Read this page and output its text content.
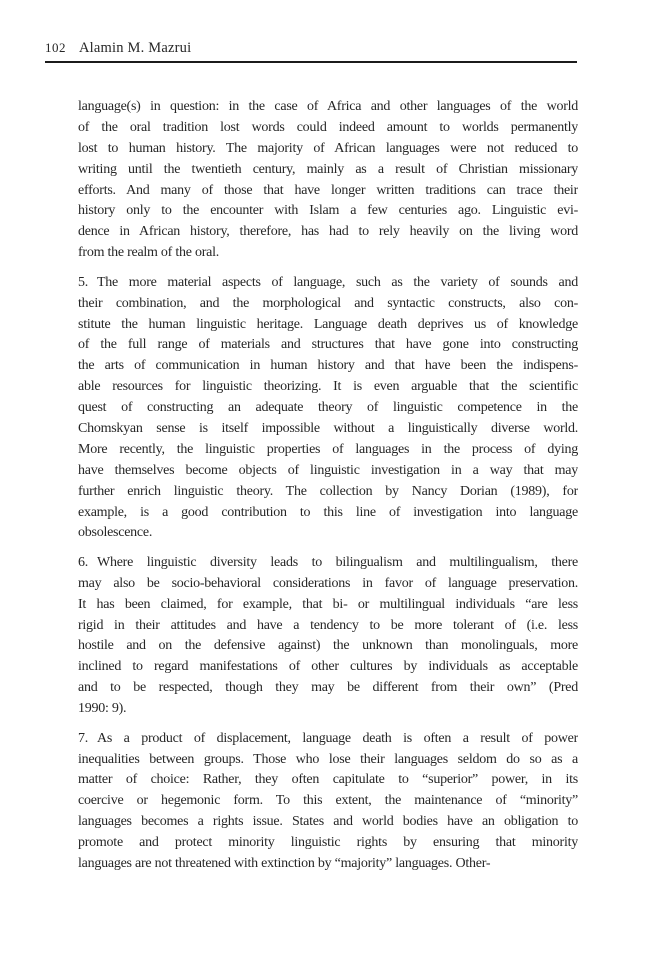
102 Alamin M. Mazrui
language(s) in question: in the case of Africa and other languages of the world
of the oral tradition lost words could indeed amount to worlds permanently
lost to human history. The majority of African languages were not reduced to
writing until the twentieth century, mainly as a result of Christian missionary
efforts. And many of those that have longer written traditions can trace their
history only to the encounter with Islam a few centuries ago. Linguistic evi-
dence in African history, therefore, has had to rely heavily on the living word
from the realm of the oral.
5. The more material aspects of language, such as the variety of sounds and
their combination, and the morphological and syntactic constructs, also con-
stitute the human linguistic heritage. Language death deprives us of knowledge
of the full range of materials and structures that have gone into constructing
the arts of communication in human history and that have been the indispens-
able resources for linguistic theorizing. It is even arguable that the scientific
quest of constructing an adequate theory of linguistic competence in the
Chomskyan sense is itself impossible without a linguistically diverse world.
More recently, the linguistic properties of languages in the process of dying
have themselves become objects of linguistic investigation in a way that may
further enrich linguistic theory. The collection by Nancy Dorian (1989), for
example, is a good contribution to this line of investigation into language
obsolescence.
6. Where linguistic diversity leads to bilingualism and multilingualism, there
may also be socio-behavioral considerations in favor of language preservation.
It has been claimed, for example, that bi- or multilingual individuals “are less
rigid in their attitudes and have a tendency to be more tolerant of (i.e. less
hostile and on the defensive against) the unknown than monolinguals, more
inclined to regard manifestations of other cultures by individuals as acceptable
and to be respected, though they may be different from their own” (Pred
1990: 9).
7. As a product of displacement, language death is often a result of power
inequalities between groups. Those who lose their languages seldom do so as a
matter of choice: Rather, they often capitulate to “superior” power, in its
coercive or hegemonic form. To this extent, the maintenance of “minority”
languages becomes a rights issue. States and world bodies have an obligation to
promote and protect minority linguistic rights by ensuring that minority
languages are not threatened with extinction by “majority” languages. Other-
